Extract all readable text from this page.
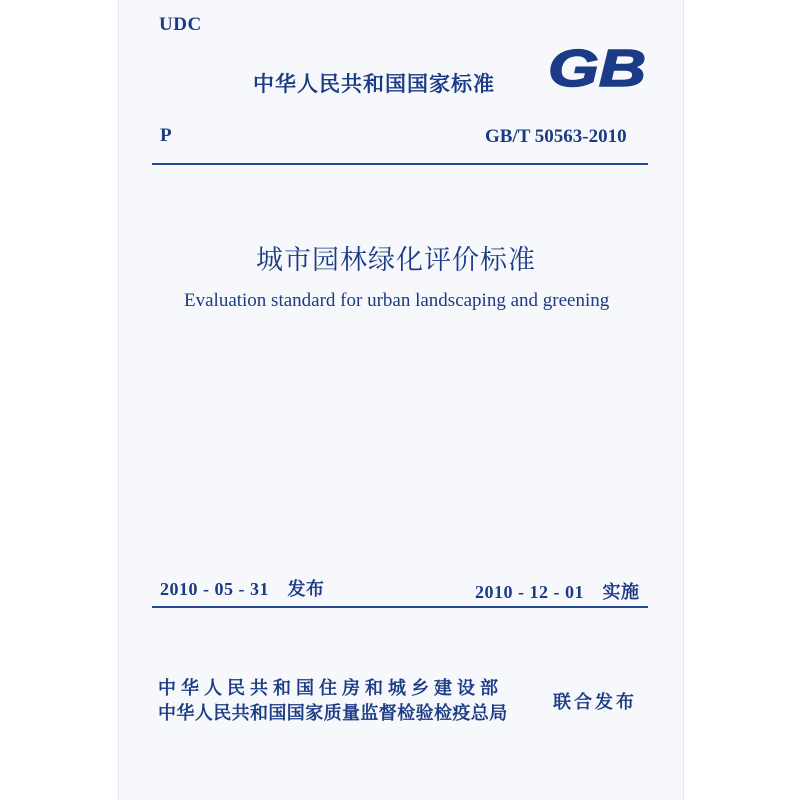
UDC
中华人民共和国国家标准 GB
P	GB/T 50563-2010
城市园林绿化评价标准
Evaluation standard for urban landscaping and greening
2010 - 05 - 31　发布	2010 - 12 - 01　实施
中华人民共和国住房和城乡建设部
中华人民共和国国家质量监督检验检疫总局
联合发布
